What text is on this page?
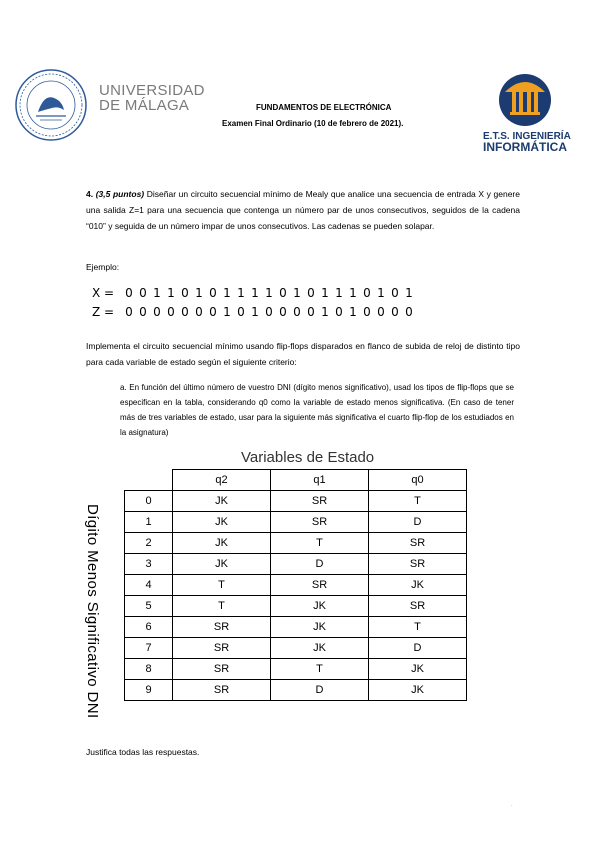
UNIVERSIDAD
DE MÁLAGA	FUNDAMENTOS DE ELECTRÓNICA
Examen Final Ordinario (10 de febrero de 2021).
E.T.S. INGENIERÍA
INFORMÁTICA
4. (3,5 puntos) Diseñar un circuito secuencial mínimo de Mealy que analice una secuencia de entrada X y genere una salida Z=1 para una secuencia que contenga un número par de unos consecutivos, seguidos de la cadena “010” y seguida de un número impar de unos consecutivos. Las cadenas se pueden solapar.
Ejemplo:
X = 0 0 1 1 0 1 0 1 1 1 1 0 1 0 1 1 1 0 1 0 1
Z = 0 0 0 0 0 0 0 1 0 1 0 0 0 0 1 0 1 0 0 0 0
Implementa el circuito secuencial mínimo usando flip-flops disparados en flanco de subida de reloj de distinto tipo para cada variable de estado según el siguiente criterio:
a. En función del último número de vuestro DNI (dígito menos significativo), usad los tipos de flip-flops que se especifican en la tabla, considerando q0 como la variable de estado menos significativa. (En caso de tener más de tres variables de estado, usar para la siguiente más significativa el cuarto flip-flop de los estudiados en la asignatura)
Variables de Estado
Dígito Menos Significativo DNI
	q2	q1	q0
0	JK	SR	T
1	JK	SR	D
2	JK	T	SR
3	JK	D	SR
4	T	SR	JK
5	T	JK	SR
6	SR	JK	T
7	SR	JK	D
8	SR	T	JK
9	SR	D	JK
Justifica todas las respuestas.
.
